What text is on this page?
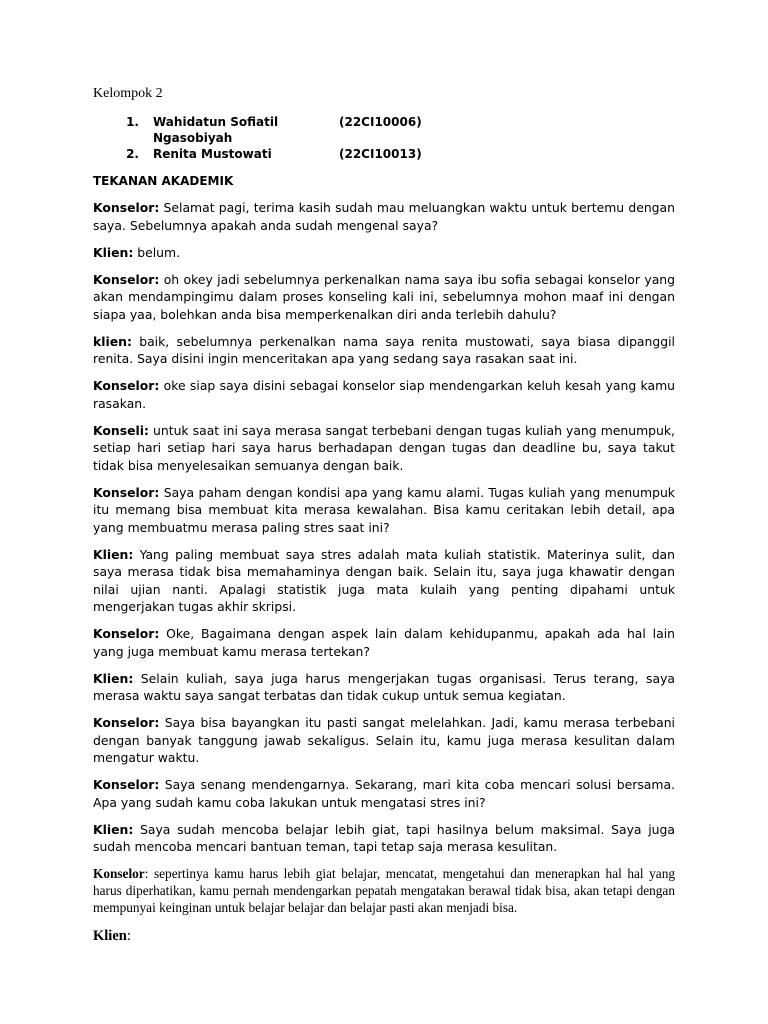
Kelompok 2

1. Wahidatun Sofiatil Ngasobiyah
(22CI10006)
2. Renita Mustowati	(22CI10013)

TEKANAN AKADEMIK

Konselor: Selamat pagi, terima kasih sudah mau meluangkan waktu untuk bertemu dengan saya. Sebelumnya apakah anda sudah mengenal saya?

Klien: belum.

Konselor: oh okey jadi sebelumnya perkenalkan nama saya ibu sofia sebagai konselor yang akan mendampingimu dalam proses konseling kali ini, sebelumnya mohon maaf ini dengan siapa yaa, bolehkan anda bisa memperkenalkan diri anda terlebih dahulu?

klien: baik, sebelumnya perkenalkan nama saya renita mustowati, saya biasa dipanggil renita. Saya disini ingin menceritakan apa yang sedang saya rasakan saat ini.

Konselor: oke siap saya disini sebagai konselor siap mendengarkan keluh kesah yang kamu rasakan.

Konseli: untuk saat ini saya merasa sangat terbebani dengan tugas kuliah yang menumpuk, setiap hari setiap hari saya harus berhadapan dengan tugas dan deadline bu, saya takut tidak bisa menyelesaikan semuanya dengan baik.

Konselor: Saya paham dengan kondisi apa yang kamu alami. Tugas kuliah yang menumpuk itu memang bisa membuat kita merasa kewalahan. Bisa kamu ceritakan lebih detail, apa yang membuatmu merasa paling stres saat ini?

Klien: Yang paling membuat saya stres adalah mata kuliah statistik. Materinya sulit, dan saya merasa tidak bisa memahaminya dengan baik. Selain itu, saya juga khawatir dengan nilai ujian nanti. Apalagi statistik juga mata kulaih yang penting dipahami untuk mengerjakan tugas akhir skripsi.

Konselor: Oke, Bagaimana dengan aspek lain dalam kehidupanmu, apakah ada hal lain yang juga membuat kamu merasa tertekan?

Klien: Selain kuliah, saya juga harus mengerjakan tugas organisasi. Terus terang, saya merasa waktu saya sangat terbatas dan tidak cukup untuk semua kegiatan.

Konselor: Saya bisa bayangkan itu pasti sangat melelahkan. Jadi, kamu merasa terbebani dengan banyak tanggung jawab sekaligus. Selain itu, kamu juga merasa kesulitan dalam mengatur waktu.

Konselor: Saya senang mendengarnya. Sekarang, mari kita coba mencari solusi bersama. Apa yang sudah kamu coba lakukan untuk mengatasi stres ini?

Klien: Saya sudah mencoba belajar lebih giat, tapi hasilnya belum maksimal. Saya juga sudah mencoba mencari bantuan teman, tapi tetap saja merasa kesulitan.

Konselor: sepertinya kamu harus lebih giat belajar, mencatat, mengetahui dan menerapkan hal hal yang harus diperhatikan, kamu pernah mendengarkan pepatah mengatakan berawal tidak bisa, akan tetapi dengan mempunyai keinginan untuk belajar belajar dan belajar pasti akan menjadi bisa.

Klien:
